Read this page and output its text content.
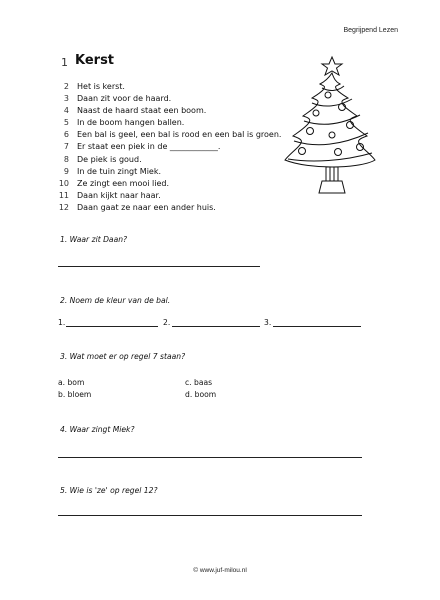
Begrijpend Lezen
1 Kerst
2 Het is kerst.
3 Daan zit voor de haard.
4 Naast de haard staat een boom.
5 In de boom hangen ballen.
6 Een bal is geel, een bal is rood en een bal is groen.
7 Er staat een piek in de ____________.
8 De piek is goud.
9 In de tuin zingt Miek.
10 Ze zingt een mooi lied.
11 Daan kijkt naar haar.
12 Daan gaat ze naar een ander huis.
1. Waar zit Daan?
2. Noem de kleur van de bal.
1.	2.	3.
3. Wat moet er op regel 7 staan?
a. bom
b. bloem
c. baas
d. boom
4. Waar zingt Miek?
5. Wie is 'ze' op regel 12?
© www.juf-milou.nl
